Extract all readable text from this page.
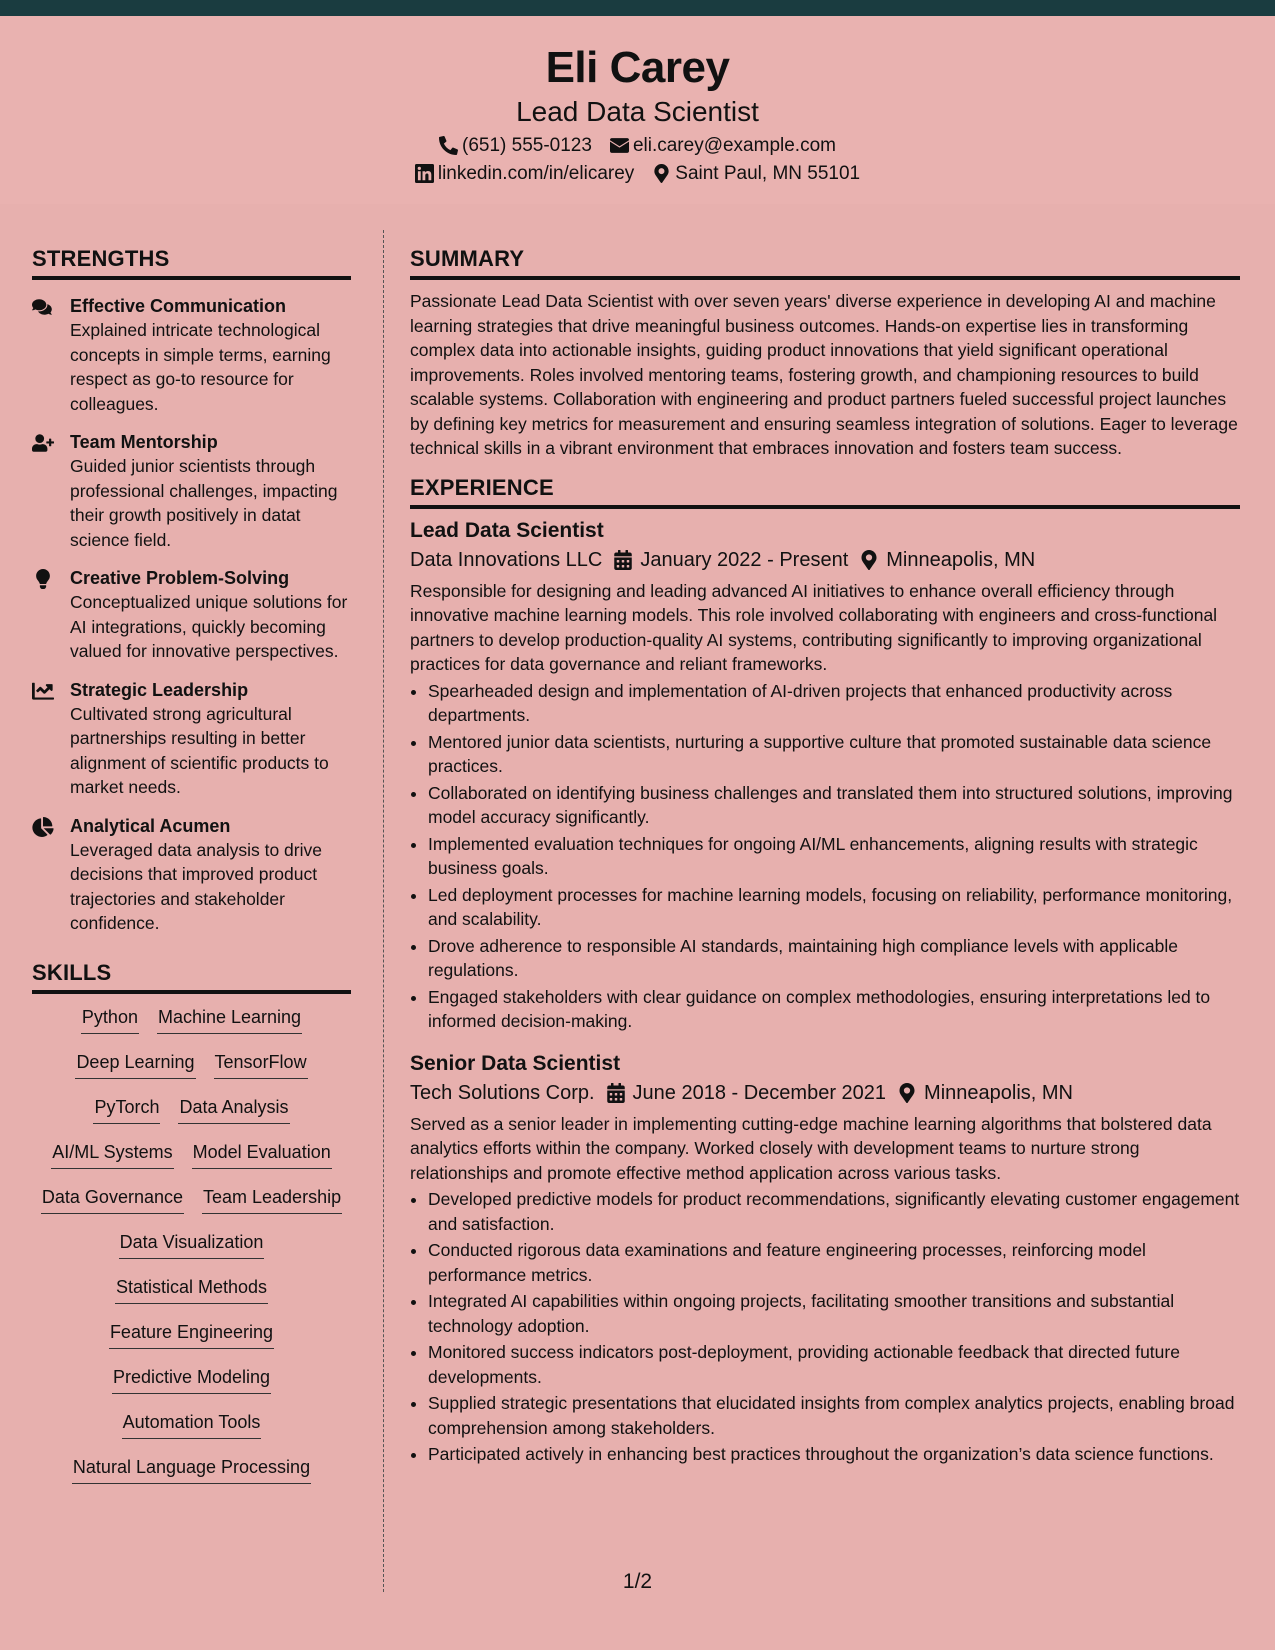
Eli Carey
Lead Data Scientist
(651) 555-0123 eli.carey@example.com
linkedin.com/in/elicarey Saint Paul, MN 55101
STRENGTHS
Effective Communication
Explained intricate technological concepts in simple terms, earning respect as go-to resource for colleagues.
Team Mentorship
Guided junior scientists through professional challenges, impacting their growth positively in datat science field.
Creative Problem-Solving
Conceptualized unique solutions for AI integrations, quickly becoming valued for innovative perspectives.
Strategic Leadership
Cultivated strong agricultural partnerships resulting in better alignment of scientific products to market needs.
Analytical Acumen
Leveraged data analysis to drive decisions that improved product trajectories and stakeholder confidence.
SKILLS
Python Machine Learning
Deep Learning TensorFlow
PyTorch Data Analysis
AI/ML Systems Model Evaluation
Data Governance Team Leadership
Data Visualization
Statistical Methods
Feature Engineering
Predictive Modeling
Automation Tools
Natural Language Processing
SUMMARY
Passionate Lead Data Scientist with over seven years' diverse experience in developing AI and machine learning strategies that drive meaningful business outcomes. Hands-on expertise lies in transforming complex data into actionable insights, guiding product innovations that yield significant operational improvements. Roles involved mentoring teams, fostering growth, and championing resources to build scalable systems. Collaboration with engineering and product partners fueled successful project launches by defining key metrics for measurement and ensuring seamless integration of solutions. Eager to leverage technical skills in a vibrant environment that embraces innovation and fosters team success.
EXPERIENCE
Lead Data Scientist
Data Innovations LLC January 2022 - Present Minneapolis, MN
Responsible for designing and leading advanced AI initiatives to enhance overall efficiency through innovative machine learning models. This role involved collaborating with engineers and cross-functional partners to develop production-quality AI systems, contributing significantly to improving organizational practices for data governance and reliant frameworks.
• Spearheaded design and implementation of AI-driven projects that enhanced productivity across departments.
• Mentored junior data scientists, nurturing a supportive culture that promoted sustainable data science practices.
• Collaborated on identifying business challenges and translated them into structured solutions, improving model accuracy significantly.
• Implemented evaluation techniques for ongoing AI/ML enhancements, aligning results with strategic business goals.
• Led deployment processes for machine learning models, focusing on reliability, performance monitoring, and scalability.
• Drove adherence to responsible AI standards, maintaining high compliance levels with applicable regulations.
• Engaged stakeholders with clear guidance on complex methodologies, ensuring interpretations led to informed decision-making.
Senior Data Scientist
Tech Solutions Corp. June 2018 - December 2021 Minneapolis, MN
Served as a senior leader in implementing cutting-edge machine learning algorithms that bolstered data analytics efforts within the company. Worked closely with development teams to nurture strong relationships and promote effective method application across various tasks.
• Developed predictive models for product recommendations, significantly elevating customer engagement and satisfaction.
• Conducted rigorous data examinations and feature engineering processes, reinforcing model performance metrics.
• Integrated AI capabilities within ongoing projects, facilitating smoother transitions and substantial technology adoption.
• Monitored success indicators post-deployment, providing actionable feedback that directed future developments.
• Supplied strategic presentations that elucidated insights from complex analytics projects, enabling broad comprehension among stakeholders.
• Participated actively in enhancing best practices throughout the organization’s data science functions.
1/2
